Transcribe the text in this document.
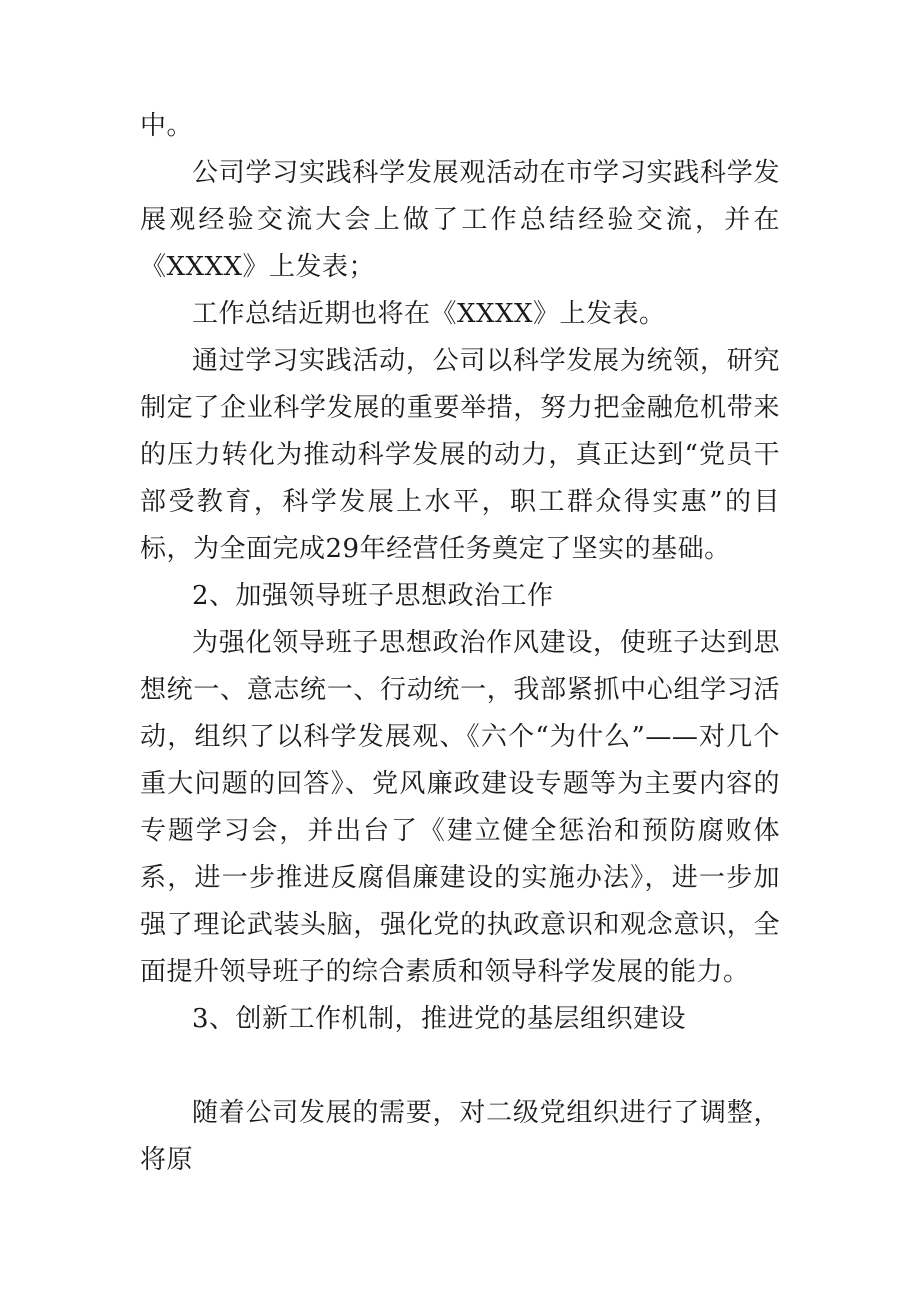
中。

公司学习实践科学发展观活动在市学习实践科学发展观经验交流大会上做了工作总结经验交流，并在《XXXX》上发表；

工作总结近期也将在《XXXX》上发表。

通过学习实践活动，公司以科学发展为统领，研究制定了企业科学发展的重要举措，努力把金融危机带来的压力转化为推动科学发展的动力，真正达到“党员干部受教育，科学发展上水平，职工群众得实惠”的目标，为全面完成29年经营任务奠定了坚实的基础。

2、加强领导班子思想政治工作

为强化领导班子思想政治作风建设，使班子达到思想统一、意志统一、行动统一，我部紧抓中心组学习活动，组织了以科学发展观、《六个“为什么”——对几个重大问题的回答》、党风廉政建设专题等为主要内容的专题学习会，并出台了《建立健全惩治和预防腐败体系，进一步推进反腐倡廉建设的实施办法》，进一步加强了理论武装头脑，强化党的执政意识和观念意识，全面提升领导班子的综合素质和领导科学发展的能力。

3、创新工作机制，推进党的基层组织建设

随着公司发展的需要，对二级党组织进行了调整，将原
